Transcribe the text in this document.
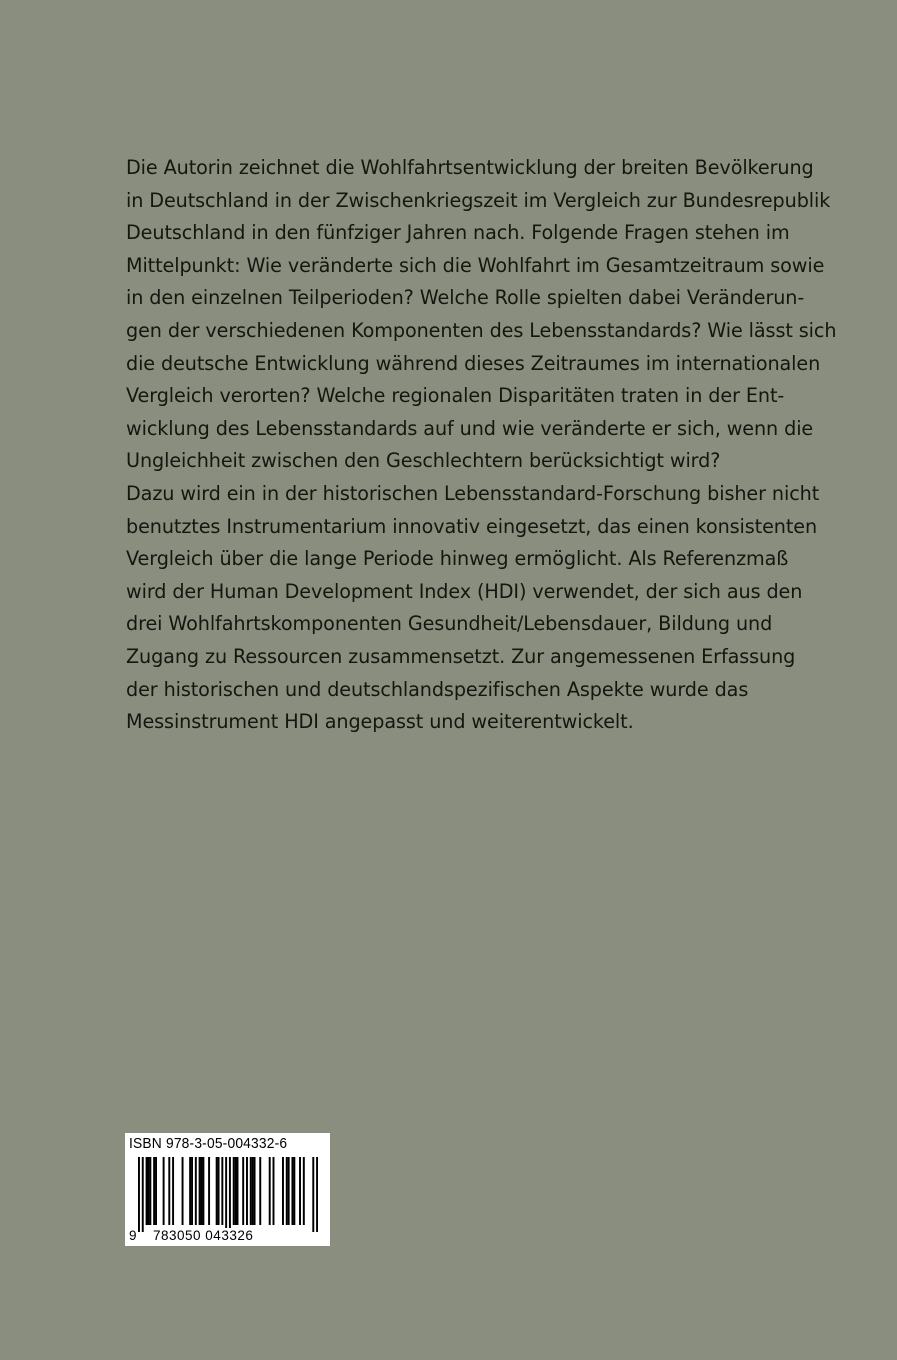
Die Autorin zeichnet die Wohlfahrtsentwicklung der breiten Bevölkerung
in Deutschland in der Zwischenkriegszeit im Vergleich zur Bundesrepublik
Deutschland in den fünfziger Jahren nach. Folgende Fragen stehen im
Mittelpunkt: Wie veränderte sich die Wohlfahrt im Gesamtzeitraum sowie
in den einzelnen Teilperioden? Welche Rolle spielten dabei Veränderun-
gen der verschiedenen Komponenten des Lebensstandards? Wie lässt sich
die deutsche Entwicklung während dieses Zeitraumes im internationalen
Vergleich verorten? Welche regionalen Disparitäten traten in der Ent-
wicklung des Lebensstandards auf und wie veränderte er sich, wenn die
Ungleichheit zwischen den Geschlechtern berücksichtigt wird?
Dazu wird ein in der historischen Lebensstandard-Forschung bisher nicht
benutztes Instrumentarium innovativ eingesetzt, das einen konsistenten
Vergleich über die lange Periode hinweg ermöglicht. Als Referenzmaß
wird der Human Development Index (HDI) verwendet, der sich aus den
drei Wohlfahrtskomponenten Gesundheit/Lebensdauer, Bildung und
Zugang zu Ressourcen zusammensetzt. Zur angemessenen Erfassung
der historischen und deutschlandspezifischen Aspekte wurde das
Messinstrument HDI angepasst und weiterentwickelt.
ISBN 978-3-05-004332-6
9 783050 043326
